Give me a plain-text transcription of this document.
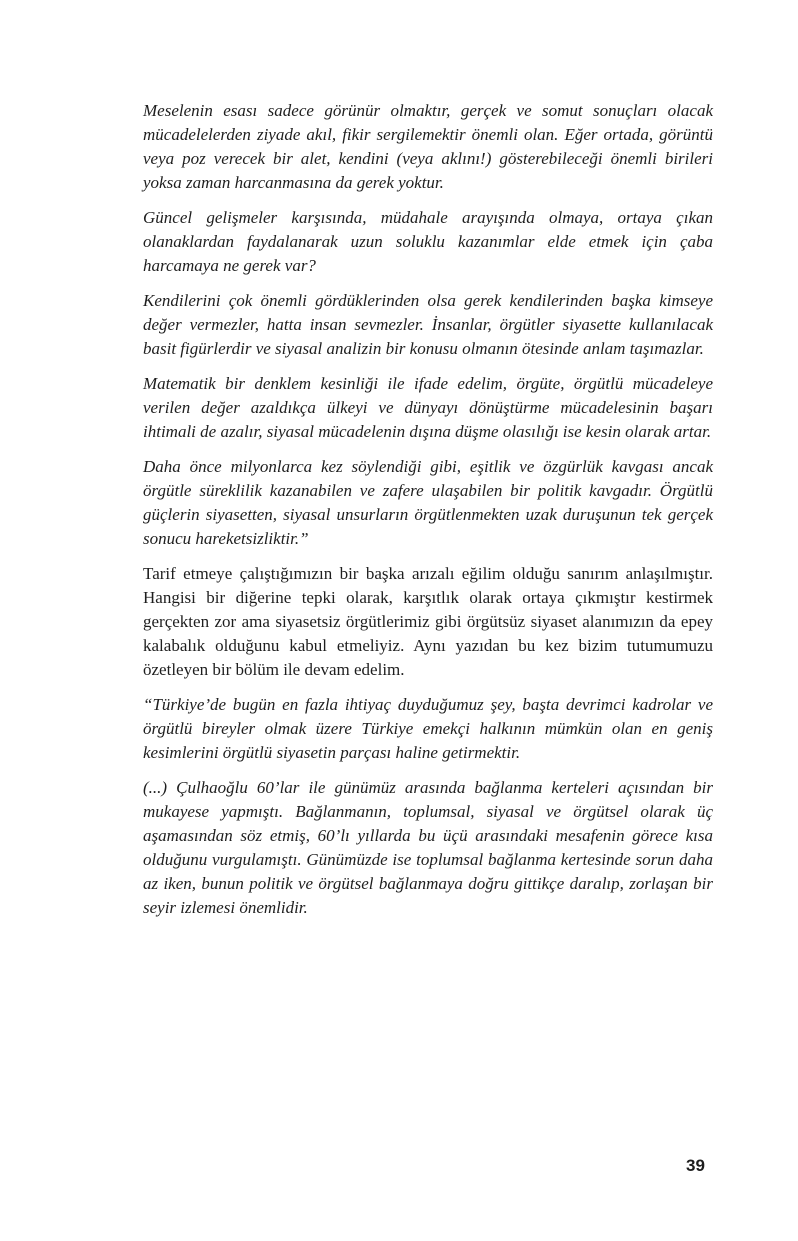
Meselenin esası sadece görünür olmaktır, gerçek ve somut sonuçları olacak mücadelelerden ziyade akıl, fikir sergilemektir önemli olan. Eğer ortada, görüntü veya poz verecek bir alet, kendini (veya aklını!) gösterebileceği önemli birileri yoksa zaman harcanmasına da gerek yoktur.

Güncel gelişmeler karşısında, müdahale arayışında olmaya, ortaya çıkan olanaklardan faydalanarak uzun soluklu kazanımlar elde etmek için çaba harcamaya ne gerek var?

Kendilerini çok önemli gördüklerinden olsa gerek kendilerinden başka kimseye değer vermezler, hatta insan sevmezler. İnsanlar, örgütler siyasette kullanılacak basit figürlerdir ve siyasal analizin bir konusu olmanın ötesinde anlam taşımazlar.

Matematik bir denklem kesinliği ile ifade edelim, örgüte, örgütlü mücadeleye verilen değer azaldıkça ülkeyi ve dünyayı dönüştürme mücadelesinin başarı ihtimali de azalır, siyasal mücadelenin dışına düşme olasılığı ise kesin olarak artar.

Daha önce milyonlarca kez söylendiği gibi, eşitlik ve özgürlük kavgası ancak örgütle süreklilik kazanabilen ve zafere ulaşabilen bir politik kavgadır. Örgütlü güçlerin siyasetten, siyasal unsurların örgütlenmekten uzak duruşunun tek gerçek sonucu hareketsizliktir.”

Tarif etmeye çalıştığımızın bir başka arızalı eğilim olduğu sanırım anlaşılmıştır. Hangisi bir diğerine tepki olarak, karşıtlık olarak ortaya çıkmıştır kestirmek gerçekten zor ama siyasetsiz örgütlerimiz gibi örgütsüz siyaset alanımızın da epey kalabalık olduğunu kabul etmeliyiz. Aynı yazıdan bu kez bizim tutumumuzu özetleyen bir bölüm ile devam edelim.

“Türkiye’de bugün en fazla ihtiyaç duyduğumuz şey, başta devrimci kadrolar ve örgütlü bireyler olmak üzere Türkiye emekçi halkının mümkün olan en geniş kesimlerini örgütlü siyasetin parçası haline getirmektir.

(...) Çulhaoğlu 60’lar ile günümüz arasında bağlanma kerteleri açısından bir mukayese yapmıştı. Bağlanmanın, toplumsal, siyasal ve örgütsel olarak üç aşamasından söz etmiş, 60’lı yıllarda bu üçü arasındaki mesafenin görece kısa olduğunu vurgulamıştı. Günümüzde ise toplumsal bağlanma kertesinde sorun daha az iken, bunun politik ve örgütsel bağlanmaya doğru gittikçe daralıp, zorlaşan bir seyir izlemesi önemlidir.

39
